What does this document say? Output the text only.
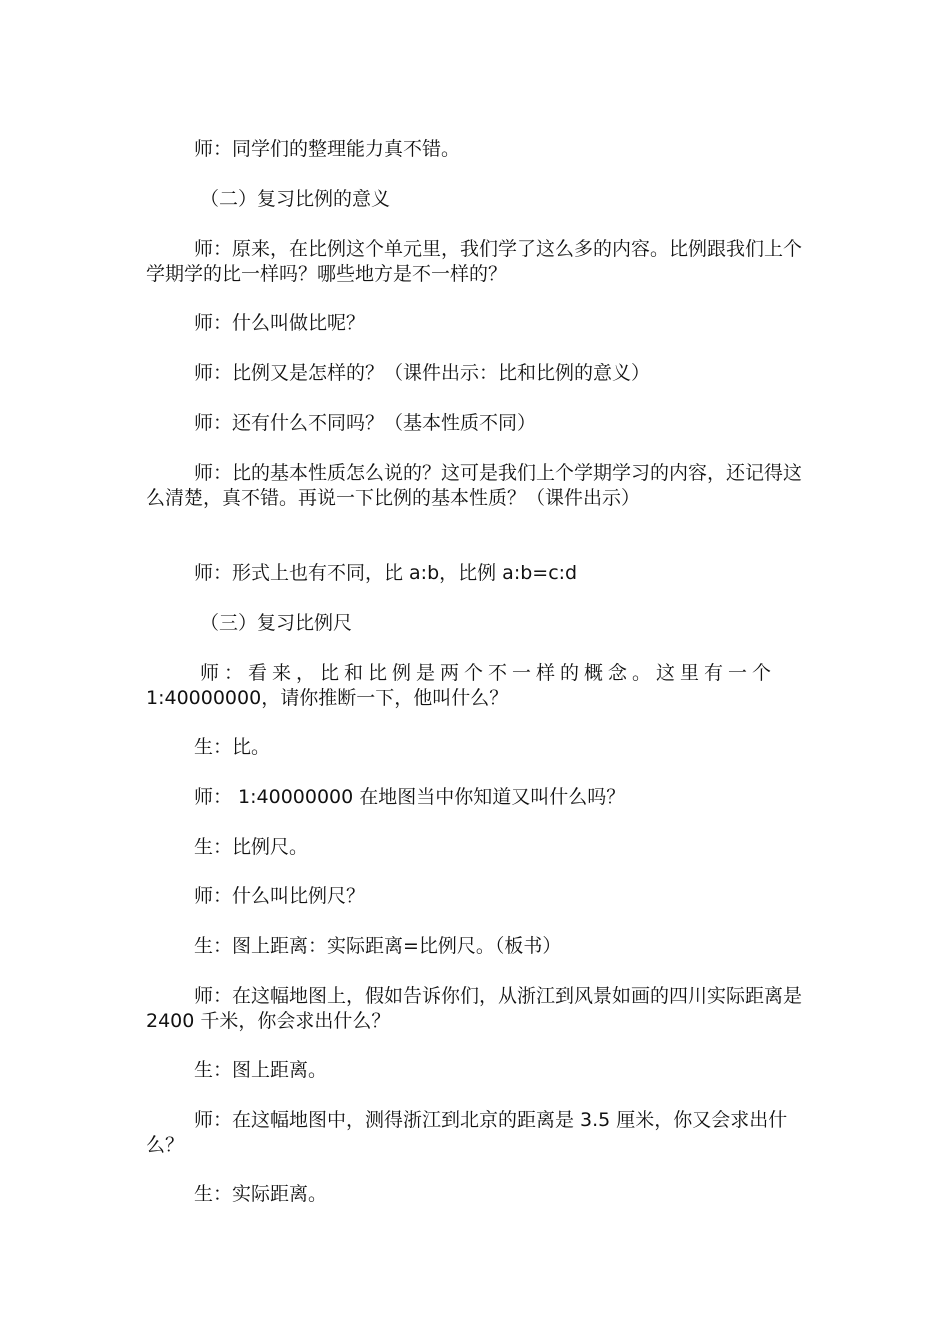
师：同学们的整理能力真不错。

（二）复习比例的意义

师：原来，在比例这个单元里，我们学了这么多的内容。比例跟我们上个学期学的比一样吗？哪些地方是不一样的？

师：什么叫做比呢？

师：比例又是怎样的？（课件出示：比和比例的意义）

师：还有什么不同吗？（基本性质不同）

师：比的基本性质怎么说的？这可是我们上个学期学习的内容，还记得这么清楚，真不错。再说一下比例的基本性质？（课件出示）

师：形式上也有不同，比 a:b，比例 a:b=c:d

（三）复习比例尺

师：看来，比和比例是两个不一样的概念。这里有一个

1:40000000，请你推断一下，他叫什么？

生：比。

师： 1:40000000 在地图当中你知道又叫什么吗？

生：比例尺。

师：什么叫比例尺？

生：图上距离：实际距离=比例尺。（板书）

师：在这幅地图上，假如告诉你们，从浙江到风景如画的四川实际距离是 2400 千米，你会求出什么？

生：图上距离。

师：在这幅地图中，测得浙江到北京的距离是 3.5 厘米，你又会求出什么？

生：实际距离。
